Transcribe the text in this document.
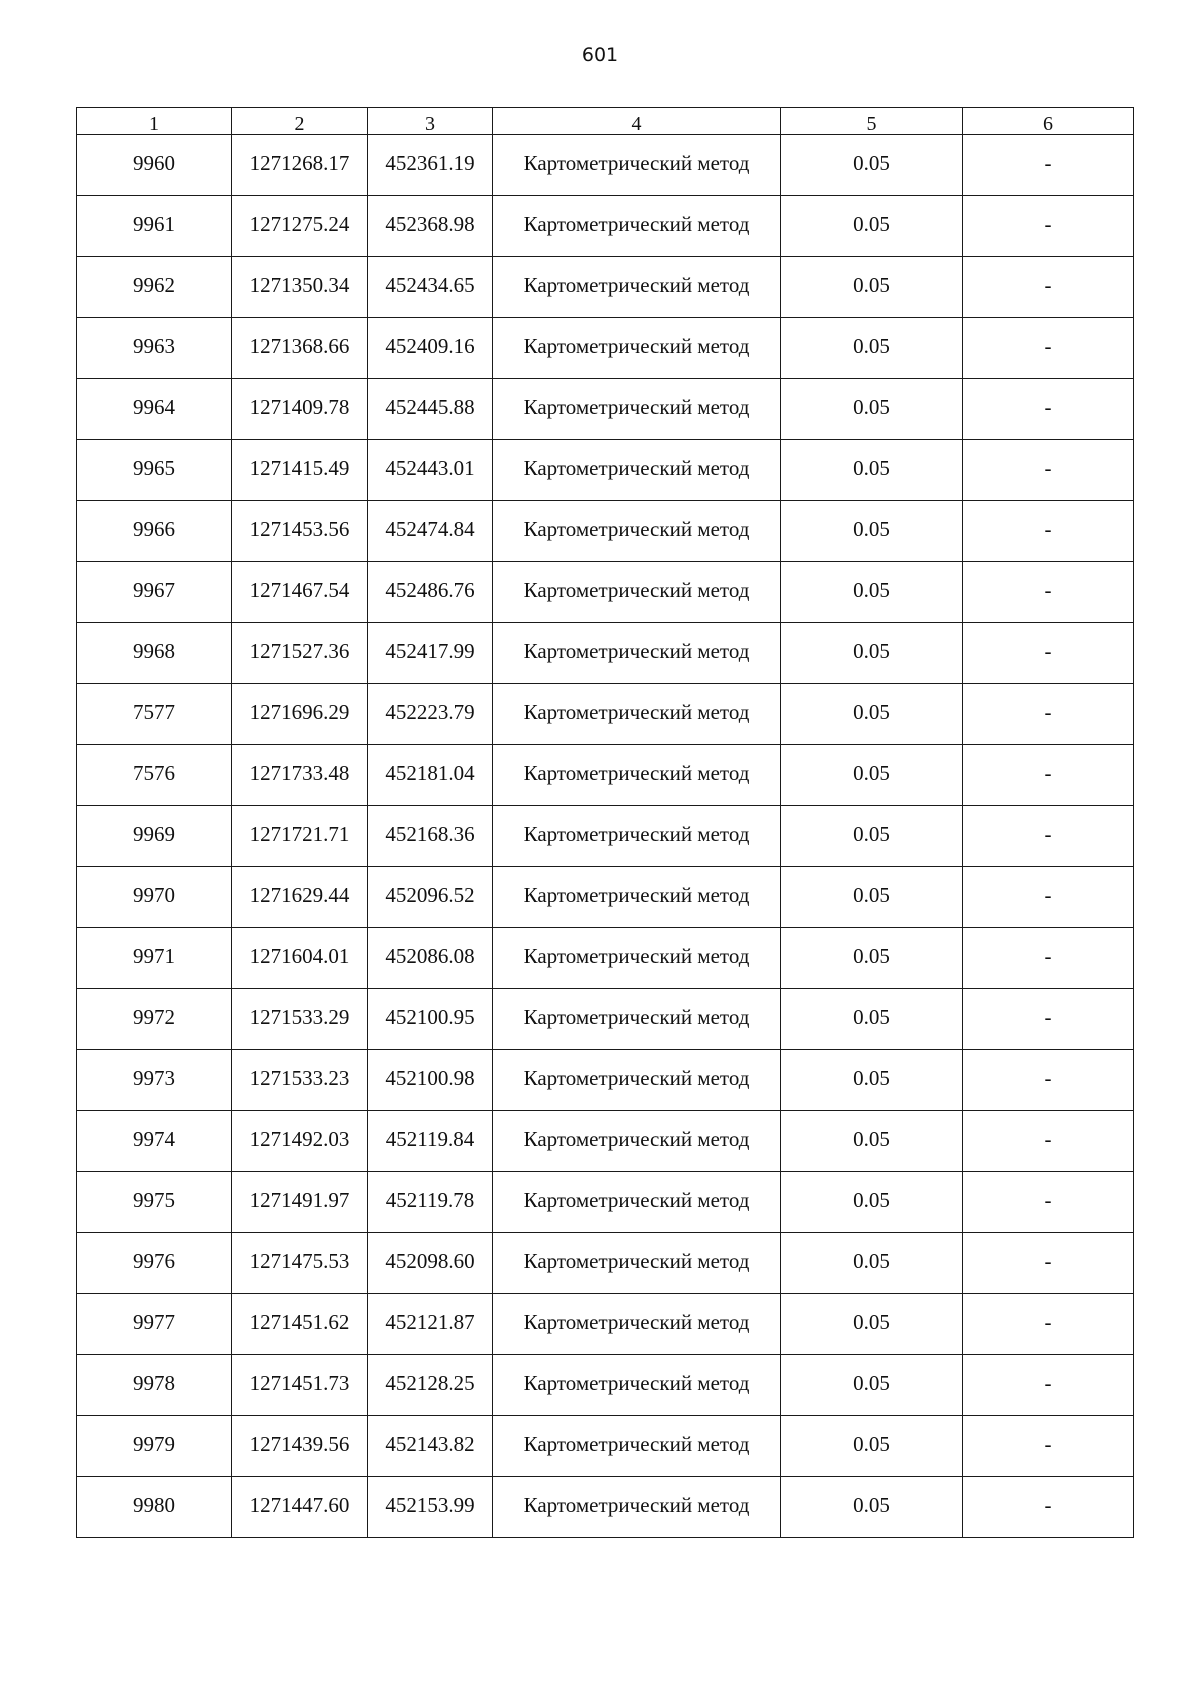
601
1	2	3	4	5	6
9960	1271268.17	452361.19	Картометрический метод	0.05	-
9961	1271275.24	452368.98	Картометрический метод	0.05	-
9962	1271350.34	452434.65	Картометрический метод	0.05	-
9963	1271368.66	452409.16	Картометрический метод	0.05	-
9964	1271409.78	452445.88	Картометрический метод	0.05	-
9965	1271415.49	452443.01	Картометрический метод	0.05	-
9966	1271453.56	452474.84	Картометрический метод	0.05	-
9967	1271467.54	452486.76	Картометрический метод	0.05	-
9968	1271527.36	452417.99	Картометрический метод	0.05	-
7577	1271696.29	452223.79	Картометрический метод	0.05	-
7576	1271733.48	452181.04	Картометрический метод	0.05	-
9969	1271721.71	452168.36	Картометрический метод	0.05	-
9970	1271629.44	452096.52	Картометрический метод	0.05	-
9971	1271604.01	452086.08	Картометрический метод	0.05	-
9972	1271533.29	452100.95	Картометрический метод	0.05	-
9973	1271533.23	452100.98	Картометрический метод	0.05	-
9974	1271492.03	452119.84	Картометрический метод	0.05	-
9975	1271491.97	452119.78	Картометрический метод	0.05	-
9976	1271475.53	452098.60	Картометрический метод	0.05	-
9977	1271451.62	452121.87	Картометрический метод	0.05	-
9978	1271451.73	452128.25	Картометрический метод	0.05	-
9979	1271439.56	452143.82	Картометрический метод	0.05	-
9980	1271447.60	452153.99	Картометрический метод	0.05	-
